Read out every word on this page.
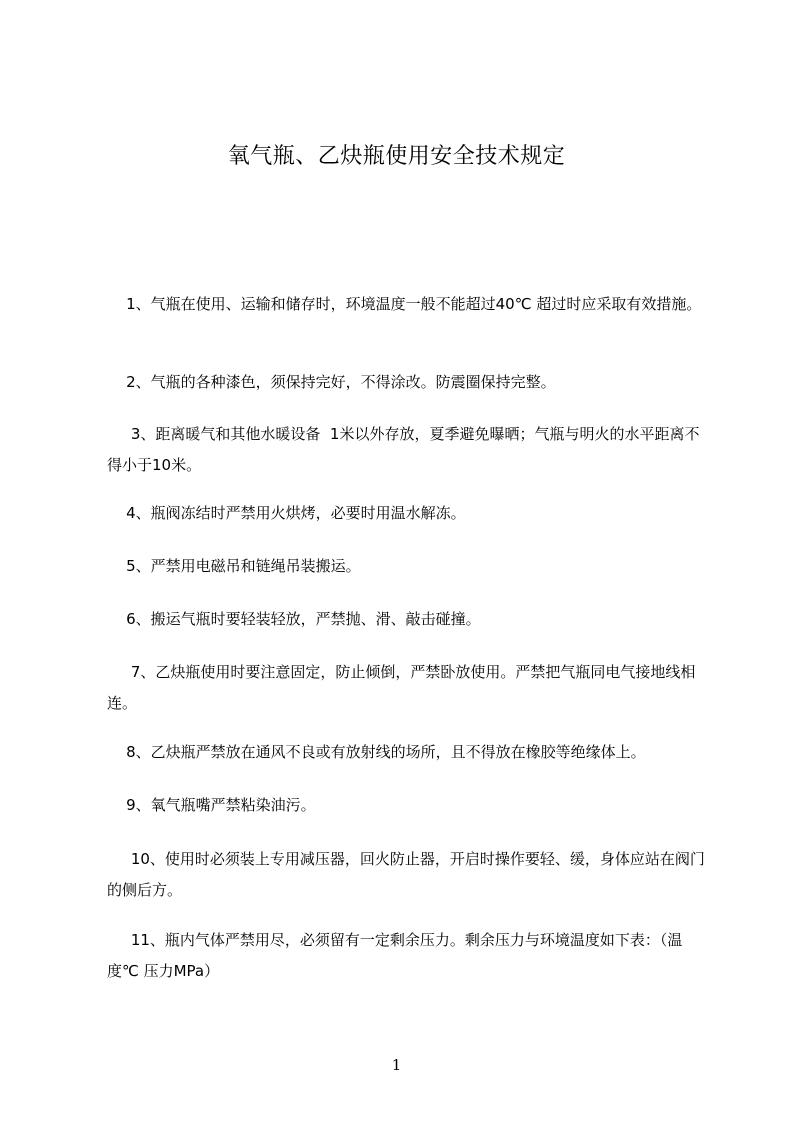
氧气瓶、乙炔瓶使用安全技术规定

1、气瓶在使用、运输和储存时，环境温度一般不能超过40℃ 超过时应采取有效措施。

2、气瓶的各种漆色，须保持完好，不得涂改。防震圈保持完整。

3、距离暖气和其他水暖设备  1米以外存放，夏季避免曝晒；气瓶与明火的水平距离不得小于10米。

4、瓶阀冻结时严禁用火烘烤，必要时用温水解冻。

5、严禁用电磁吊和链绳吊装搬运。

6、搬运气瓶时要轻装轻放，严禁抛、滑、敲击碰撞。

7、乙炔瓶使用时要注意固定，防止倾倒，严禁卧放使用。严禁把气瓶同电气接地线相连。

8、乙炔瓶严禁放在通风不良或有放射线的场所，且不得放在橡胶等绝缘体上。

9、氧气瓶嘴严禁粘染油污。

10、使用时必须装上专用减压器，回火防止器，开启时操作要轻、缓，身体应站在阀门的侧后方。

11、瓶内气体严禁用尽，必须留有一定剩余压力。剩余压力与环境温度如下表：（温度℃ 压力MPa）

1
